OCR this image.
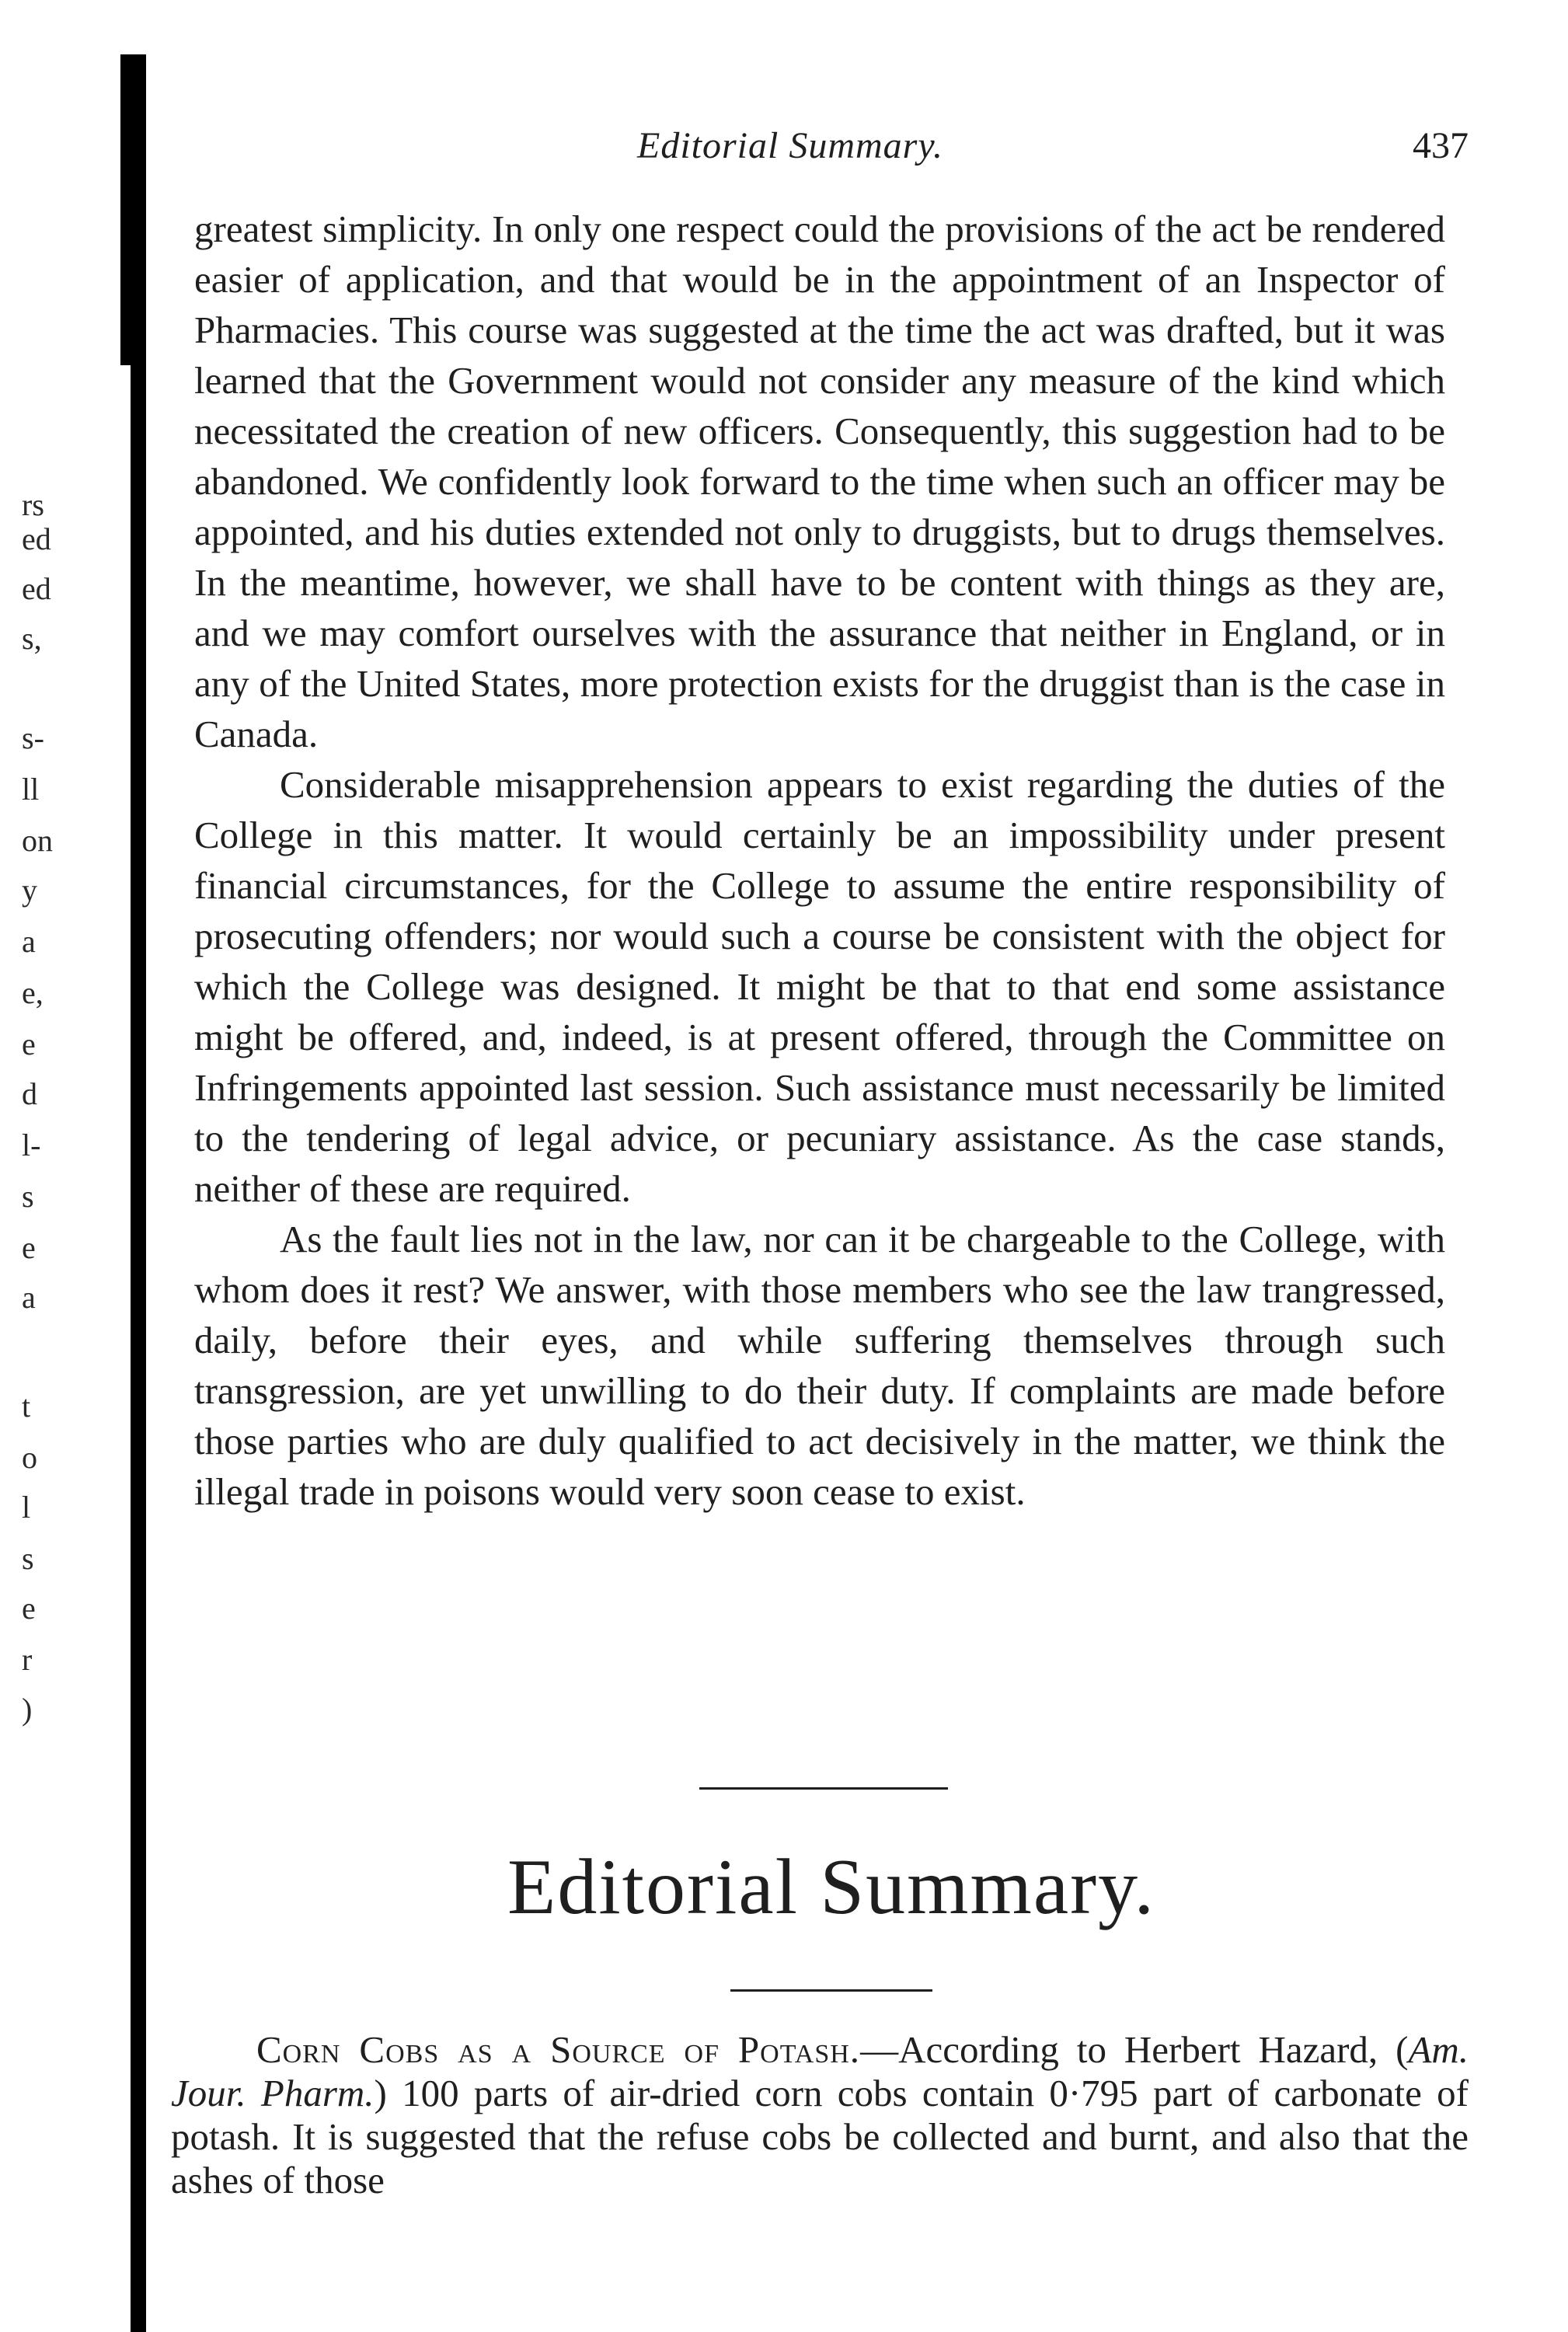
rs
ed
ed
s,
s-
ll
on
y
a
e,
e
d
l-
s
e
a
t
o
l
s
e
r
)
Editorial Summary.	437

greatest simplicity. In only one respect could the provisions of the act be rendered easier of application, and that would be in the appointment of an Inspector of Pharmacies. This course was suggested at the time the act was drafted, but it was learned that the Government would not consider any measure of the kind which necessitated the creation of new officers. Consequently, this suggestion had to be abandoned. We confidently look forward to the time when such an officer may be appointed, and his duties extended not only to druggists, but to drugs themselves. In the meantime, however, we shall have to be content with things as they are, and we may comfort ourselves with the assurance that neither in England, or in any of the United States, more protection exists for the druggist than is the case in Canada.

Considerable misapprehension appears to exist regarding the duties of the College in this matter. It would certainly be an impossibility under present financial circumstances, for the College to assume the entire responsibility of prosecuting offenders; nor would such a course be consistent with the object for which the College was designed. It might be that to that end some assistance might be offered, and, indeed, is at present offered, through the Committee on Infringements appointed last session. Such assistance must necessarily be limited to the tendering of legal advice, or pecuniary assistance. As the case stands, neither of these are required.

As the fault lies not in the law, nor can it be chargeable to the College, with whom does it rest? We answer, with those members who see the law trangressed, daily, before their eyes, and while suffering themselves through such transgression, are yet unwilling to do their duty. If complaints are made before those parties who are duly qualified to act decisively in the matter, we think the illegal trade in poisons would very soon cease to exist.

Editorial Summary.

Corn Cobs as a Source of Potash.—According to Herbert Hazard, (Am. Jour. Pharm.) 100 parts of air-dried corn cobs contain 0·795 part of carbonate of potash. It is suggested that the refuse cobs be collected and burnt, and also that the ashes of those
